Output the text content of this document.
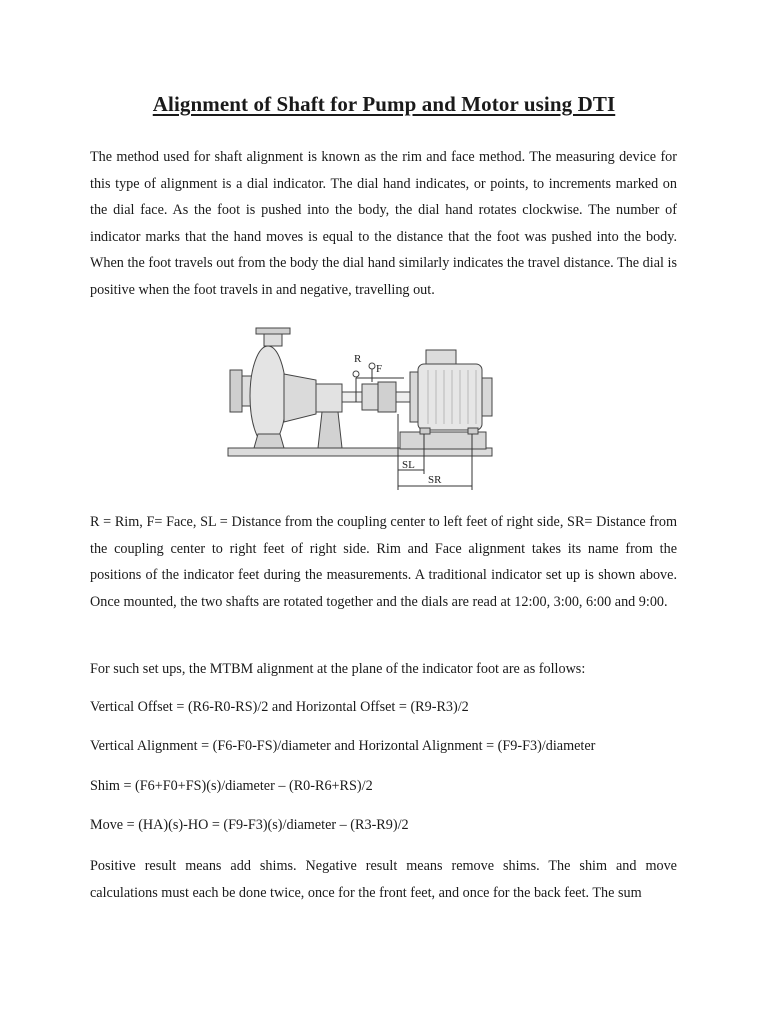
Alignment of Shaft for Pump and Motor using DTI

The method used for shaft alignment is known as the rim and face method. The measuring device for this type of alignment is a dial indicator. The dial hand indicates, or points, to increments marked on the dial face. As the foot is pushed into the body, the dial hand rotates clockwise. The number of indicator marks that the hand moves is equal to the distance that the foot was pushed into the body. When the foot travels out from the body the dial hand similarly indicates the travel distance. The dial is positive when the foot travels in and negative, travelling out.

R
F
SL
SR

R = Rim, F= Face, SL = Distance from the coupling center to left feet of right side, SR= Distance from the coupling center to right feet of right side. Rim and Face alignment takes its name from the positions of the indicator feet during the measurements. A traditional indicator set up is shown above. Once mounted, the two shafts are rotated together and the dials are read at 12:00, 3:00, 6:00 and 9:00.

For such set ups, the MTBM alignment at the plane of the indicator foot are as follows:

Vertical Offset = (R6-R0-RS)/2 and Horizontal Offset = (R9-R3)/2

Vertical Alignment = (F6-F0-FS)/diameter and Horizontal Alignment = (F9-F3)/diameter

Shim = (F6+F0+FS)(s)/diameter – (R0-R6+RS)/2

Move = (HA)(s)-HO = (F9-F3)(s)/diameter – (R3-R9)/2

Positive result means add shims. Negative result means remove shims. The shim and move calculations must each be done twice, once for the front feet, and once for the back feet. The sum
